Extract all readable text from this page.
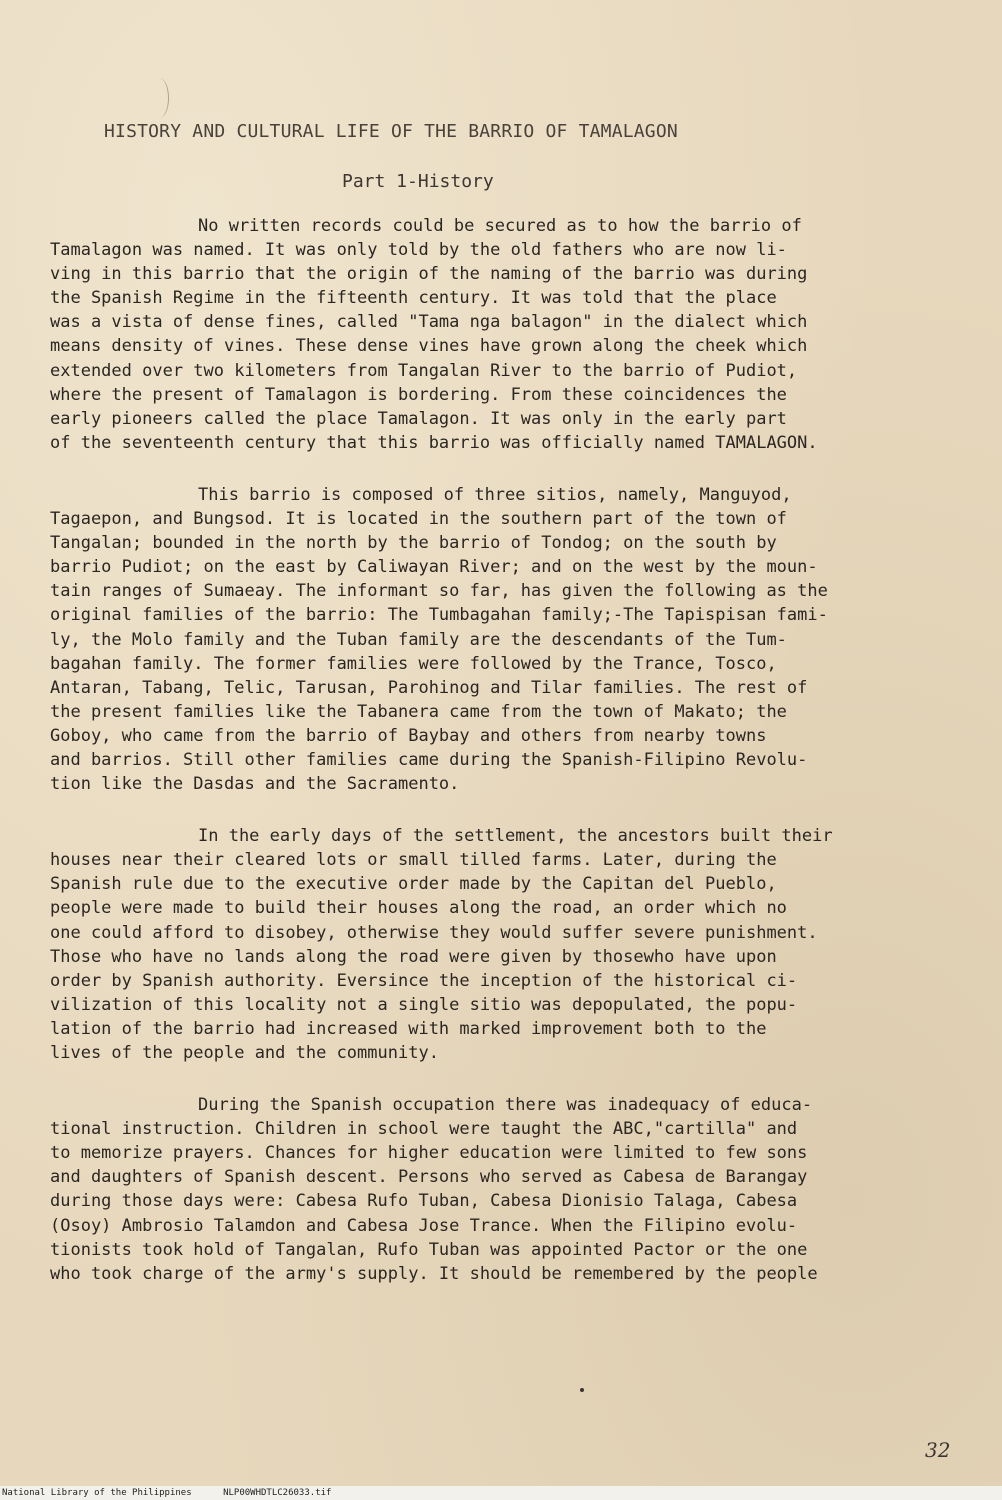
HISTORY AND CULTURAL LIFE OF THE BARRIO OF TAMALAGON
Part 1-History
No written records could be secured as to how the barrio of
Tamalagon was named. It was only told by the old fathers who are now li-
ving in this barrio that the origin of the naming of the barrio was during
the Spanish Regime in the fifteenth century. It was told that the place
was a vista of dense fines, called "Tama nga balagon" in the dialect which
means density of vines. These dense vines have grown along the cheek which
extended over two kilometers from Tangalan River to the barrio of Pudiot,
where the present of Tamalagon is bordering. From these coincidences the
early pioneers called the place Tamalagon. It was only in the early part
of the seventeenth century that this barrio was officially named TAMALAGON.
This barrio is composed of three sitios, namely, Manguyod,
Tagaepon, and Bungsod. It is located in the southern part of the town of
Tangalan; bounded in the north by the barrio of Tondog; on the south by
barrio Pudiot; on the east by Caliwayan River; and on the west by the moun-
tain ranges of Sumaeay. The informant so far, has given the following as the
original families of the barrio: The Tumbagahan family;-The Tapispisan fami-
ly, the Molo family and the Tuban family are the descendants of the Tum-
bagahan family. The former families were followed by the Trance, Tosco,
Antaran, Tabang, Telic, Tarusan, Parohinog and Tilar families. The rest of
the present families like the Tabanera came from the town of Makato; the
Goboy, who came from the barrio of Baybay and others from nearby towns
and barrios. Still other families came during the Spanish-Filipino Revolu-
tion like the Dasdas and the Sacramento.
In the early days of the settlement, the ancestors built their
houses near their cleared lots or small tilled farms. Later, during the
Spanish rule due to the executive order made by the Capitan del Pueblo,
people were made to build their houses along the road, an order which no
one could afford to disobey, otherwise they would suffer severe punishment.
Those who have no lands along the road were given by thosewho have upon
order by Spanish authority. Eversince the inception of the historical ci-
vilization of this locality not a single sitio was depopulated, the popu-
lation of the barrio had increased with marked improvement both to the
lives of the people and the community.
During the Spanish occupation there was inadequacy of educa-
tional instruction. Children in school were taught the ABC,"cartilla" and
to memorize prayers. Chances for higher education were limited to few sons
and daughters of Spanish descent. Persons who served as Cabesa de Barangay
during those days were: Cabesa Rufo Tuban, Cabesa Dionisio Talaga, Cabesa
(Osoy) Ambrosio Talamdon and Cabesa Jose Trance. When the Filipino evolu-
tionists took hold of Tangalan, Rufo Tuban was appointed Pactor or the one
who took charge of the army's supply. It should be remembered by the people
32
National Library of the Philippines	NLP00WHDTLC26033.tif
